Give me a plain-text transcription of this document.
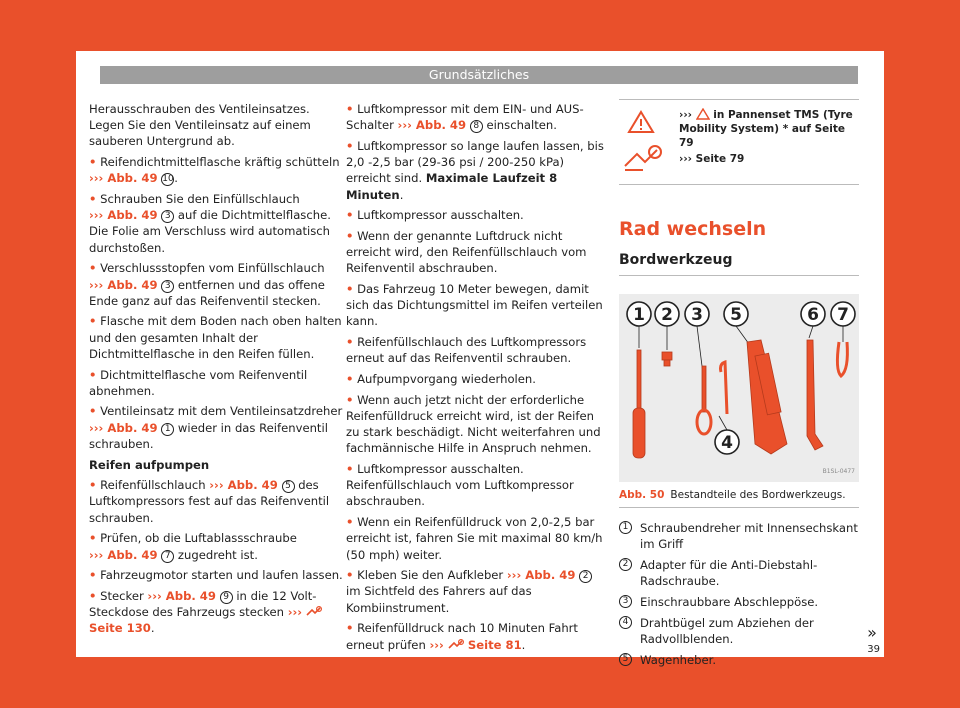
Grundsätzliches

Herausschrauben des Ventileinsatzes. Legen Sie den Ventileinsatz auf einem sauberen Untergrund ab.

• Reifendichtmittelflasche kräftig schütteln
››› Abb. 49 10.

• Schrauben Sie den Einfüllschlauch
››› Abb. 49 3 auf die Dichtmittelflasche. Die Folie am Verschluss wird automatisch durchstoßen.

• Verschlussstopfen vom Einfüllschlauch
››› Abb. 49 3 entfernen und das offene Ende ganz auf das Reifenventil stecken.

• Flasche mit dem Boden nach oben halten und den gesamten Inhalt der Dichtmittelflasche in den Reifen füllen.

• Dichtmittelflasche vom Reifenventil abnehmen.

• Ventileinsatz mit dem Ventileinsatzdreher
››› Abb. 49 1 wieder in das Reifenventil schrauben.

Reifen aufpumpen

• Reifenfüllschlauch ››› Abb. 49 5 des Luftkompressors fest auf das Reifenventil schrauben.

• Prüfen, ob die Luftablassschraube
››› Abb. 49 7 zugedreht ist.

• Fahrzeugmotor starten und laufen lassen.

• Stecker ››› Abb. 49 9 in die 12 Volt-Steckdose des Fahrzeugs stecken ›››  Seite 130.

• Luftkompressor mit dem EIN- und AUS-Schalter ››› Abb. 49 8 einschalten.

• Luftkompressor so lange laufen lassen, bis 2,0 -2,5 bar (29-36 psi / 200-250 kPa) erreicht sind. Maximale Laufzeit 8 Minuten.

• Luftkompressor ausschalten.

• Wenn der genannte Luftdruck nicht erreicht wird, den Reifenfüllschlauch vom Reifenventil abschrauben.

• Das Fahrzeug 10 Meter bewegen, damit sich das Dichtungsmittel im Reifen verteilen kann.

• Reifenfüllschlauch des Luftkompressors erneut auf das Reifenventil schrauben.

• Aufpumpvorgang wiederholen.

• Wenn auch jetzt nicht der erforderliche Reifenfülldruck erreicht wird, ist der Reifen zu stark beschädigt. Nicht weiterfahren und fachmännische Hilfe in Anspruch nehmen.

• Luftkompressor ausschalten. Reifenfüllschlauch vom Luftkompressor abschrauben.

• Wenn ein Reifenfülldruck von 2,0-2,5 bar erreicht ist, fahren Sie mit maximal 80 km/h (50 mph) weiter.

• Kleben Sie den Aufkleber ››› Abb. 49 2 im Sichtfeld des Fahrers auf das Kombiinstrument.

• Reifenfülldruck nach 10 Minuten Fahrt erneut prüfen ›››  Seite 81.

›››  in Pannenset TMS (Tyre Mobility System) * auf Seite 79
››› Seite 79
Rad wechseln
Bordwerkzeug
1 2 3 5	6 7
4
B1SL-0477
Abb. 50 Bestandteile des Bordwerkzeugs.
1	Schraubendreher mit Innensechskant im Griff
2	Adapter für die Anti-Diebstahl-Radschraube.
3	Einschraubbare Abschleppöse.
4	Drahtbügel zum Abziehen der Radvollblenden.
5	Wagenheber.
»
39
